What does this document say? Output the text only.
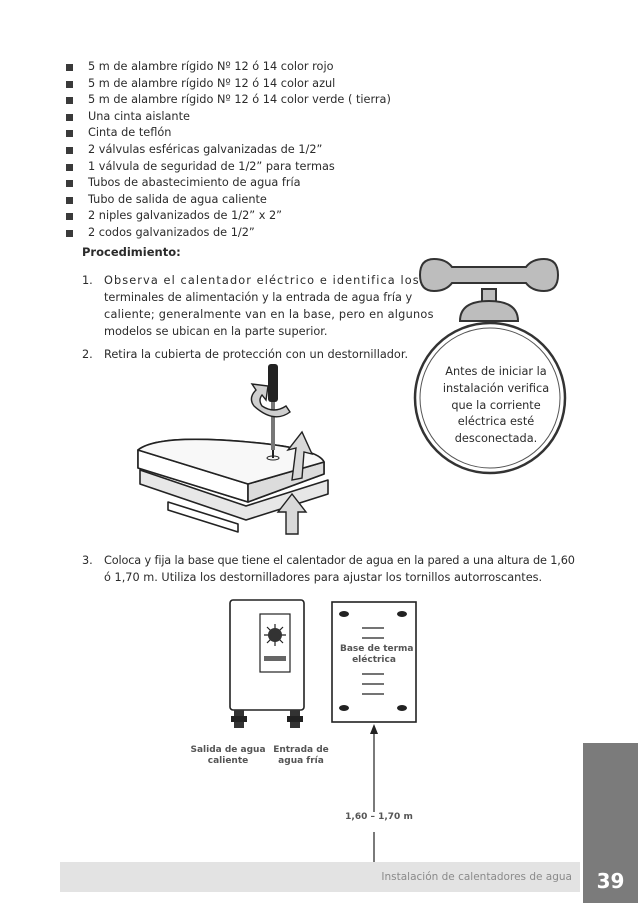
5 m de alambre rígido Nº 12 ó 14 color rojo
5 m de alambre rígido Nº 12 ó 14 color azul
5 m de alambre rígido Nº 12 ó 14 color verde ( tierra)
Una cinta aislante
Cinta de teflón
2 válvulas esféricas galvanizadas de 1/2”
1 válvula de seguridad de 1/2” para termas
Tubos de abastecimiento de agua fría
Tubo de salida de agua caliente
2 niples galvanizados de 1/2” x 2”
2 codos galvanizados de 1/2”
Procedimiento:
1. Observa el calentador eléctrico e identifica los
terminales de alimentación y la entrada de agua fría y
caliente; generalmente van en la base, pero en algunos
modelos se ubican en la parte superior.
2. Retira la cubierta de protección con un destornillador.
Antes de iniciar la
instalación verifica
que la corriente
eléctrica esté
desconectada.
3. Coloca y fija la base que tiene el calentador de agua en la pared a una altura de 1,60
ó 1,70 m. Utiliza los destornilladores para ajustar los tornillos autorroscantes.
Base de terma
eléctrica
Salida de agua
caliente
Entrada de
agua fría
1,60 – 1,70 m
Instalación de calentadores de agua	39
